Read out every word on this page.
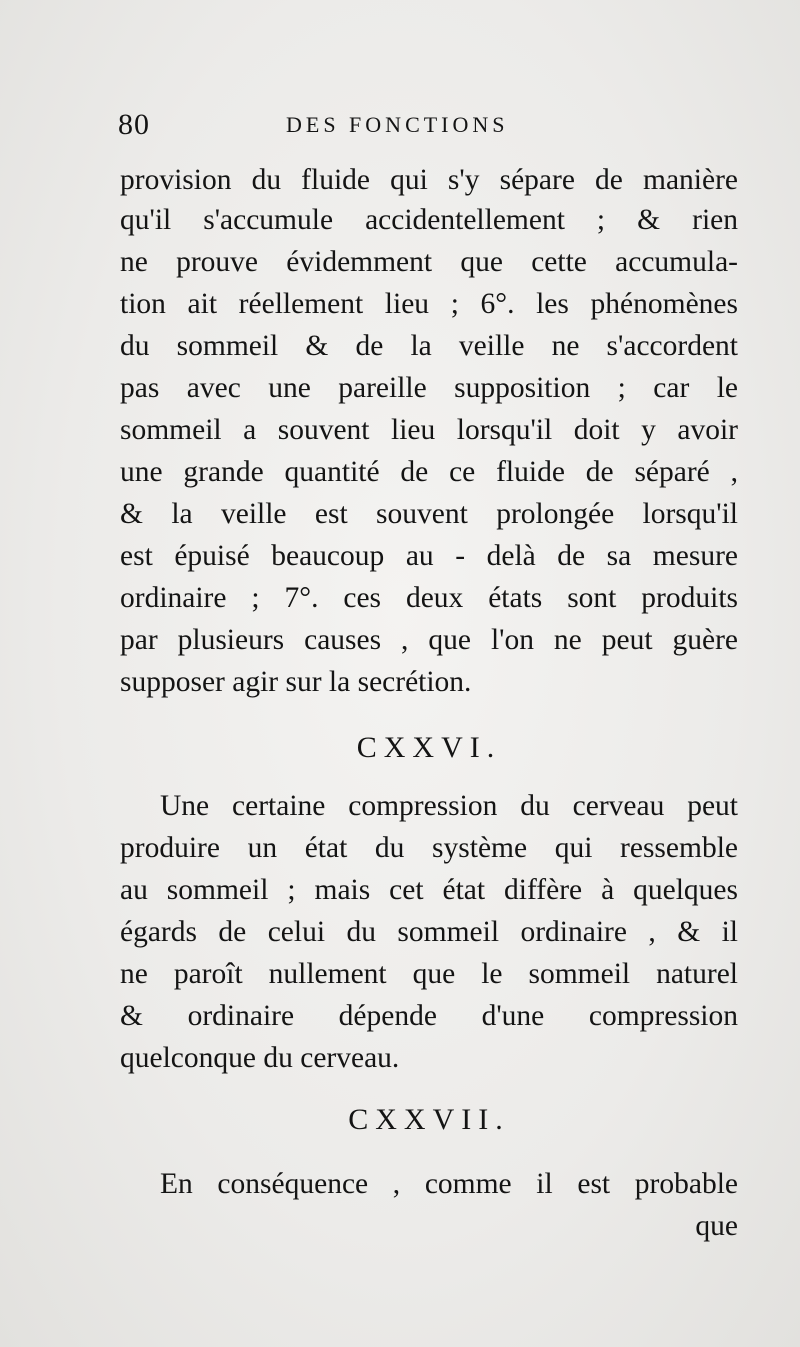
80	DES FONCTIONS
provision du fluide qui s'y sépare de manière
qu'il s'accumule accidentellement ; & rien
ne prouve évidemment que cette accumula-
tion ait réellement lieu ; 6°. les phénomènes
du sommeil & de la veille ne s'accordent
pas avec une pareille supposition ; car le
sommeil a souvent lieu lorsqu'il doit y avoir
une grande quantité de ce fluide de séparé ,
& la veille est souvent prolongée lorsqu'il
est épuisé beaucoup au - delà de sa mesure
ordinaire ; 7°. ces deux états sont produits
par plusieurs causes , que l'on ne peut guère
supposer agir sur la secrétion.
CXXVI.
Une certaine compression du cerveau peut
produire un état du système qui ressemble
au sommeil ; mais cet état diffère à quelques
égards de celui du sommeil ordinaire , & il
ne paroît nullement que le sommeil naturel
& ordinaire dépende d'une compression
quelconque du cerveau.
CXXVII.
En conséquence , comme il est probable
que
